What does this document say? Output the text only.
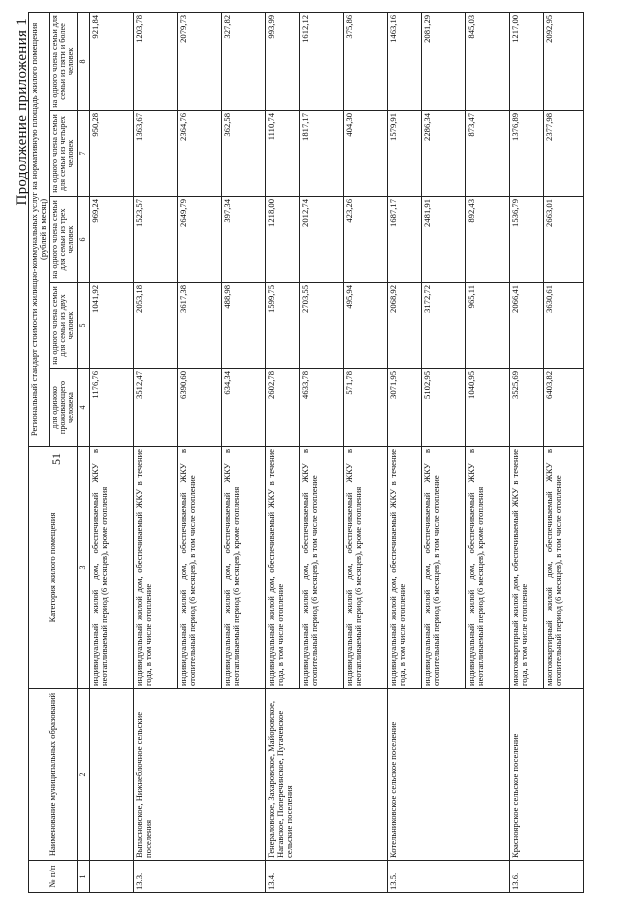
Продолжение приложения 1
51
№ п/п	Наименование муниципальных образований	Категория жилого помещения	Региональный стандарт стоимости жилищно-коммунальных услуг на нормативную площадь жилого помещения (рублей в месяц)				
			для одиноко проживающего человека	на одного члена семьи для семьи из двух человек	на одного члена семьи для семьи из трех человек	на одного члена семьи для семьи из четырех человек	на одного члена семьи для семьи из пяти и более человек
1	2	3	4	5	6	7	8
		индивидуальный жилой дом, обеспечиваемый ЖКУ в неотапливаемый период (6 месяцев), кроме отопления	1176,76	1041,92	969,24	950,28	921,84
13.3.	Выпасновское, Нижнеблочное сельские поселения	индивидуальный жилой дом, обеспечиваемый ЖКУ в течение года, в том числе отопление	3512,47	2053,18	1523,57	1363,67	1203,78
		индивидуальный жилой дом, обеспечиваемый ЖКУ в отопительный период (6 месяцев), в том числе отопление	6390,60	3617,38	2649,79	2364,76	2079,73
		индивидуальный жилой дом, обеспечиваемый ЖКУ в неотапливаемый период (6 месяцев), кроме отопления	634,34	488,98	397,34	362,58	327,82
13.4.	Генераловское, Захаровское, Майоровское, Нагавское, Поперечинское, Пугачевское сельские поселения	индивидуальный жилой дом, обеспечиваемый ЖКУ в течение года, в том числе отопление	2602,78	1599,75	1218,00	1110,74	993,99
		индивидуальный жилой дом, обеспечиваемый ЖКУ в отопительный период (6 месяцев), в том числе отопление	4633,78	2703,55	2012,74	1817,17	1612,12
		индивидуальный жилой дом, обеспечиваемый ЖКУ в неотапливаемый период (6 месяцев), кроме отопления	571,78	495,94	423,26	404,30	375,86
13.5.	Котельниковское сельское поселение	индивидуальный жилой дом, обеспечиваемый ЖКУ в течение года, в том числе отопление	3071,95	2068,92	1687,17	1579,91	1463,16
		индивидуальный жилой дом, обеспечиваемый ЖКУ в отопительный период (6 месяцев), в том числе отопление	5102,95	3172,72	2481,91	2286,34	2081,29
		индивидуальный жилой дом, обеспечиваемый ЖКУ в неотапливаемый период (6 месяцев), кроме отопления	1040,95	965,11	892,43	873,47	845,03
13.6.	Красноярское сельское поселение	многоквартирный жилой дом, обеспечиваемый ЖКУ в течение года, в том числе отопление	3525,69	2066,41	1536,79	1376,89	1217,00
		многоквартирный жилой дом, обеспечиваемый ЖКУ в отопительный период (6 месяцев), в том числе отопление	6403,82	3630,61	2663,01	2377,98	2092,95
